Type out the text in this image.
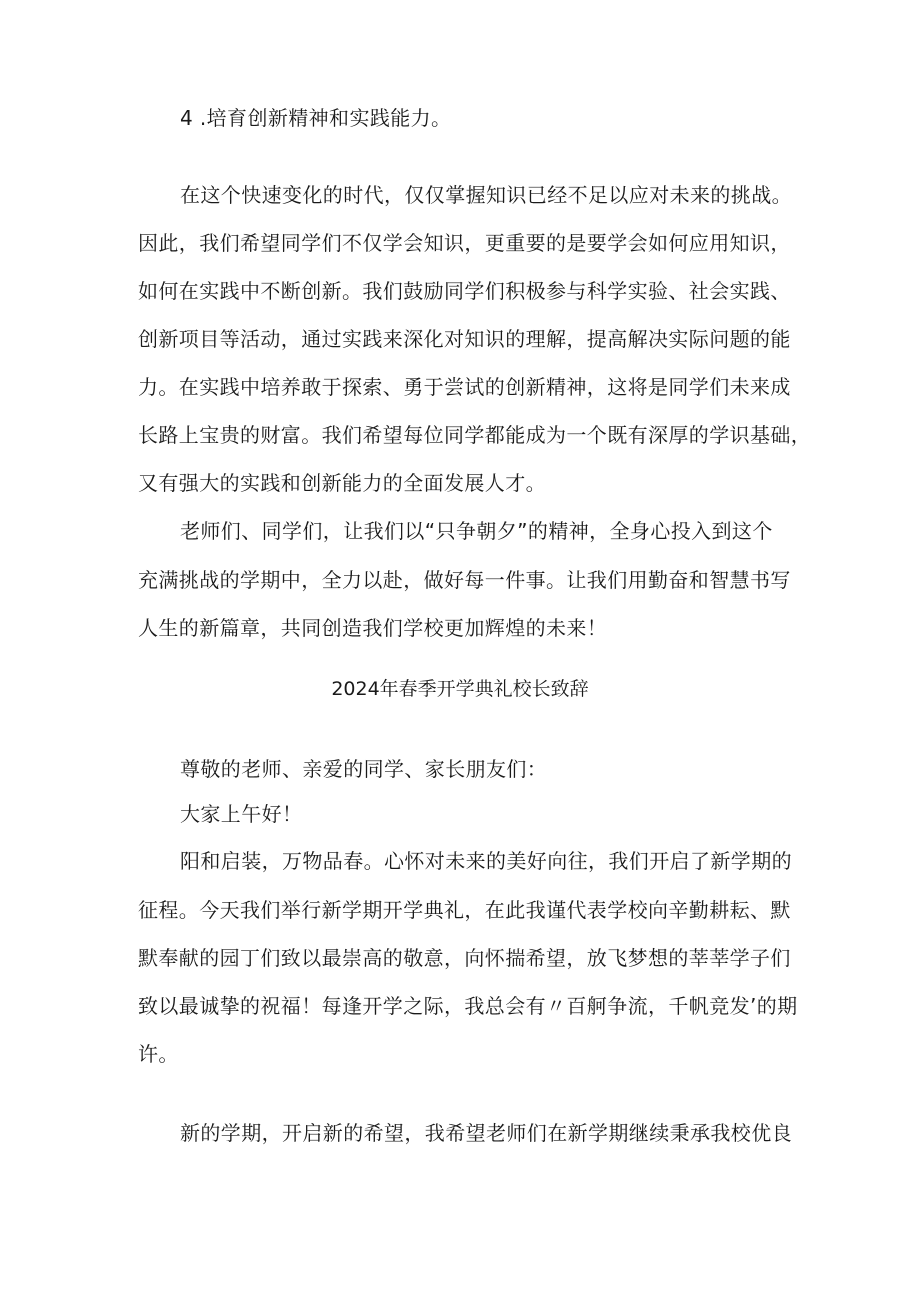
4 .培育创新精神和实践能力。
在这个快速变化的时代，仅仅掌握知识已经不足以应对未来的挑战。
因此，我们希望同学们不仅学会知识，更重要的是要学会如何应用知识，
如何在实践中不断创新。我们鼓励同学们积极参与科学实验、社会实践、
创新项目等活动，通过实践来深化对知识的理解，提高解决实际问题的能
力。在实践中培养敢于探索、勇于尝试的创新精神，这将是同学们未来成
长路上宝贵的财富。我们希望每位同学都能成为一个既有深厚的学识基础，
又有强大的实践和创新能力的全面发展人才。
老师们、同学们，让我们以“只争朝夕”的精神，全身心投入到这个
充满挑战的学期中，全力以赴，做好每一件事。让我们用勤奋和智慧书写
人生的新篇章，共同创造我们学校更加辉煌的未来！
2024年春季开学典礼校长致辞
尊敬的老师、亲爱的同学、家长朋友们：
大家上午好！
阳和启装，万物品春。心怀对未来的美好向往，我们开启了新学期的
征程。今天我们举行新学期开学典礼，在此我谨代表学校向辛勤耕耘、默
默奉献的园丁们致以最崇高的敬意，向怀揣希望，放飞梦想的莘莘学子们
致以最诚挚的祝福！每逢开学之际，我总会有〃百舸争流，千帆竞发’的期
许。
新的学期，开启新的希望，我希望老师们在新学期继续秉承我校优良
